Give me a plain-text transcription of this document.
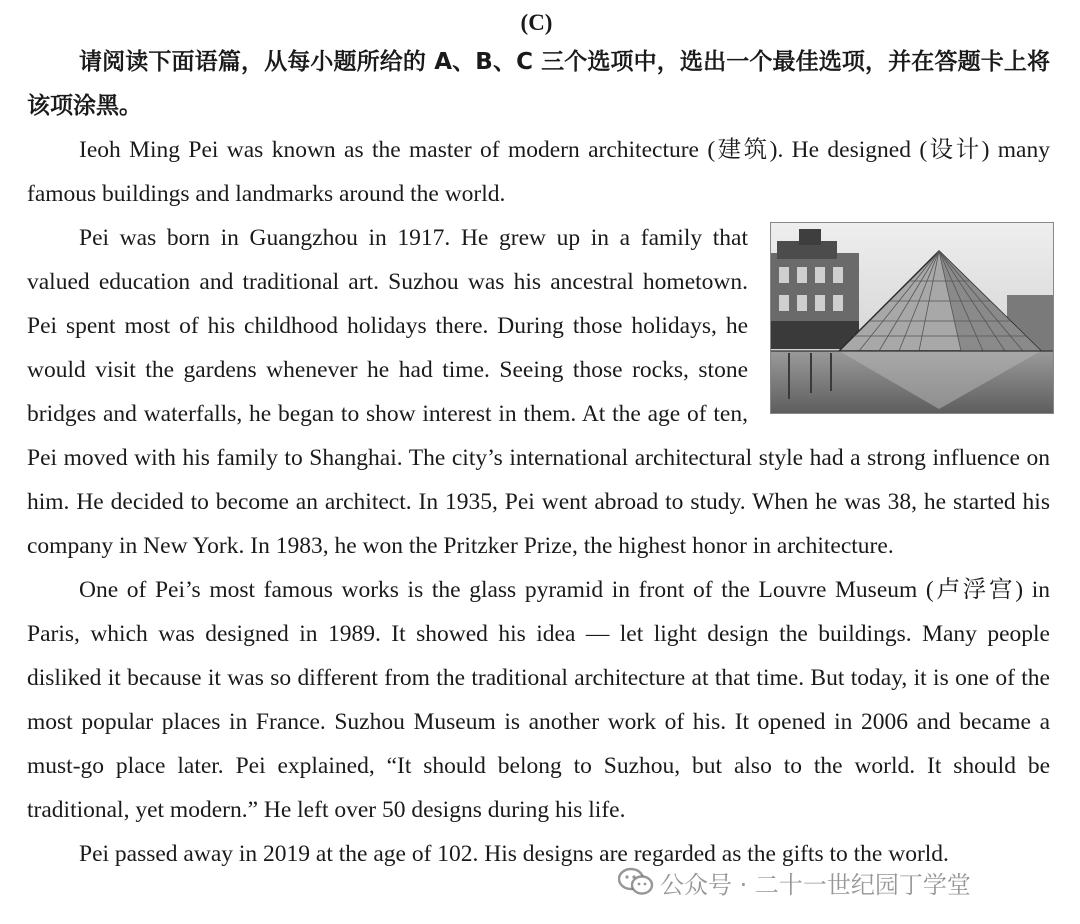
(C)

请阅读下面语篇，从每小题所给的 A、B、C 三个选项中，选出一个最佳选项，并在答题卡上将该项涂黑。

Ieoh Ming Pei was known as the master of modern architecture (建筑). He designed (设计) many famous buildings and landmarks around the world.

Pei was born in Guangzhou in 1917. He grew up in a family that valued education and traditional art. Suzhou was his ancestral hometown. Pei spent most of his childhood holidays there. During those holidays, he would visit the gardens whenever he had time. Seeing those rocks, stone bridges and waterfalls, he began to show interest in them. At the age of ten, Pei moved with his family to Shanghai. The city’s international architectural style had a strong influence on him. He decided to become an architect. In 1935, Pei went abroad to study. When he was 38, he started his company in New York. In 1983, he won the Pritzker Prize, the highest honor in architecture.

One of Pei’s most famous works is the glass pyramid in front of the Louvre Museum (卢浮宫) in Paris, which was designed in 1989. It showed his idea — let light design the buildings. Many people disliked it because it was so different from the traditional architecture at that time. But today, it is one of the most popular places in France. Suzhou Museum is another work of his. It opened in 2006 and became a must-go place later. Pei explained, “It should belong to Suzhou, but also to the world. It should be traditional, yet modern.” He left over 50 designs during his life.

Pei passed away in 2019 at the age of 102. His designs are regarded as the gifts to the world.

公众号 · 二十一世纪园丁学堂
